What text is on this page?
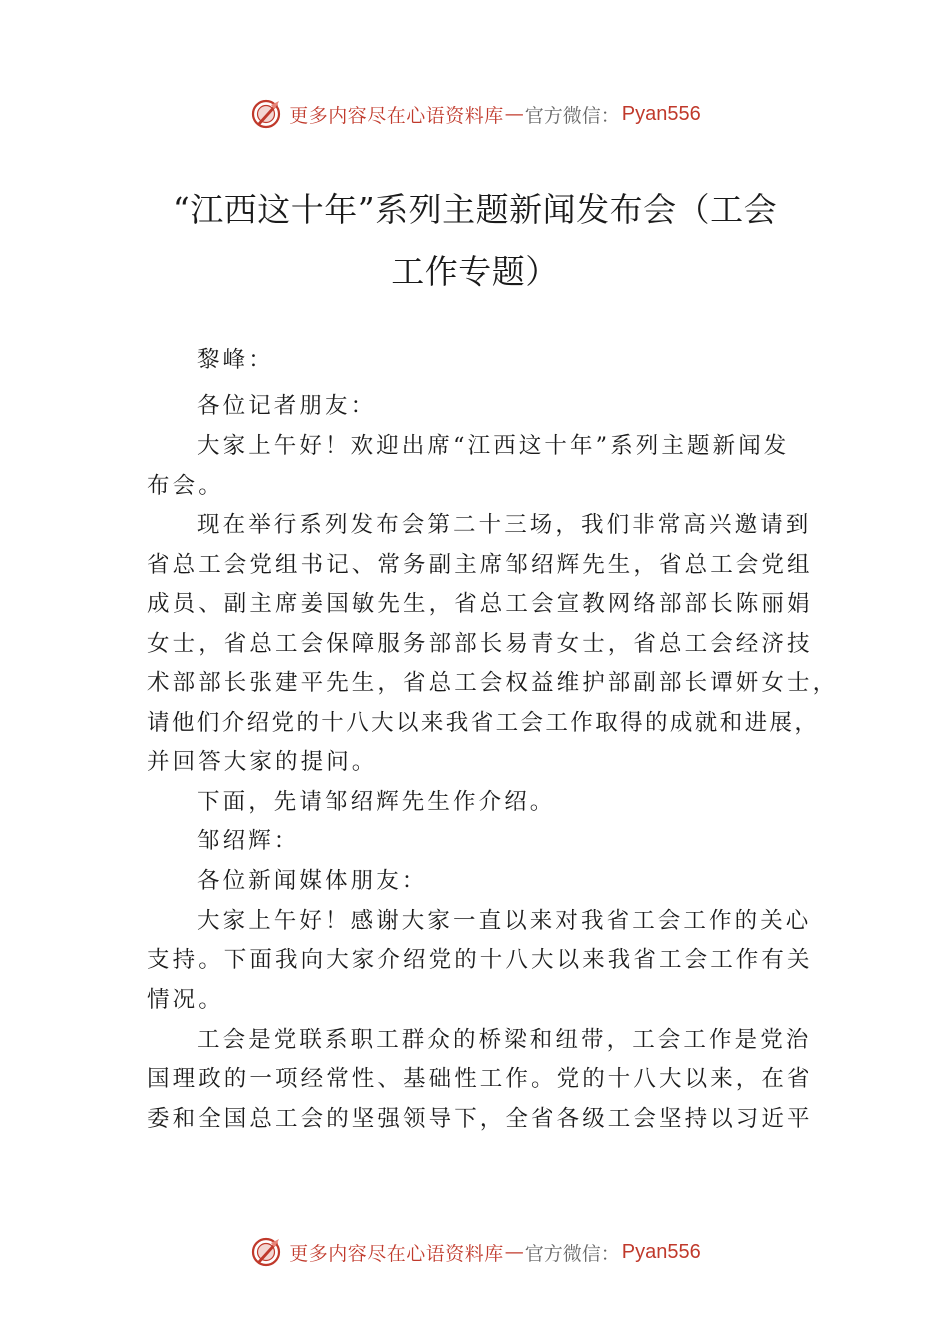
更多内容尽在心语资料库 — 官方微信： Pyan556
“江西这十年”系列主题新闻发布会（工会
工作专题）
黎峰：
各位记者朋友：
大家上午好！欢迎出席“江西这十年”系列主题新闻发
布会。
现在举行系列发布会第二十三场，我们非常高兴邀请到
省总工会党组书记、常务副主席邹绍辉先生，省总工会党组
成员、副主席姜国敏先生，省总工会宣教网络部部长陈丽娟
女士，省总工会保障服务部部长易青女士，省总工会经济技
术部部长张建平先生，省总工会权益维护部副部长谭妍女士，
请他们介绍党的十八大以来我省工会工作取得的成就和进展，
并回答大家的提问。
下面，先请邹绍辉先生作介绍。
邹绍辉：
各位新闻媒体朋友：
大家上午好！感谢大家一直以来对我省工会工作的关心
支持。下面我向大家介绍党的十八大以来我省工会工作有关
情况。
工会是党联系职工群众的桥梁和纽带，工会工作是党治
国理政的一项经常性、基础性工作。党的十八大以来，在省
委和全国总工会的坚强领导下，全省各级工会坚持以习近平
更多内容尽在心语资料库 — 官方微信： Pyan556
